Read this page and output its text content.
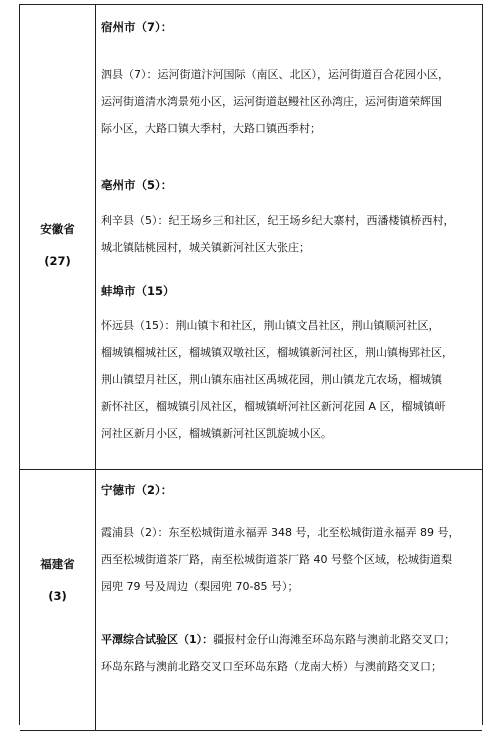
安徽省
(27)
宿州市（7）：
泗县（7）：运河街道汴河国际（南区、北区），运河街道百合花园小区，
运河街道清水湾景苑小区，运河街道赵鳗社区孙湾庄，运河街道荣辉国
际小区，大路口镇大季村，大路口镇西季村；
亳州市（5）：
利辛县（5）：纪王场乡三和社区，纪王场乡纪大寨村，西潘楼镇桥西村，
城北镇陆桃园村，城关镇新河社区大张庄；
蚌埠市（15）
怀远县（15）：荆山镇卞和社区，荆山镇文昌社区，荆山镇顺河社区，
榴城镇榴城社区，榴城镇双墩社区，榴城镇新河社区，荆山镇梅郢社区，
荆山镇望月社区，荆山镇东庙社区禹城花园，荆山镇龙亢农场，榴城镇
新怀社区，榴城镇引凤社区，榴城镇岍河社区新河花园 A 区，榴城镇岍
河社区新月小区，榴城镇新河社区凯旋城小区。
福建省
(3)
宁德市（2）：
霞浦县（2）：东至松城街道永福弄 348 号，北至松城街道永福弄 89 号，
西至松城街道茶厂路，南至松城街道茶厂路 40 号整个区域，松城街道梨
园兜 79 号及周边（梨园兜 70-85 号）；
平潭综合试验区（1）：疆报村金仔山海滩至环岛东路与澳前北路交叉口；
环岛东路与澳前北路交叉口至环岛东路（龙南大桥）与澳前路交叉口；
